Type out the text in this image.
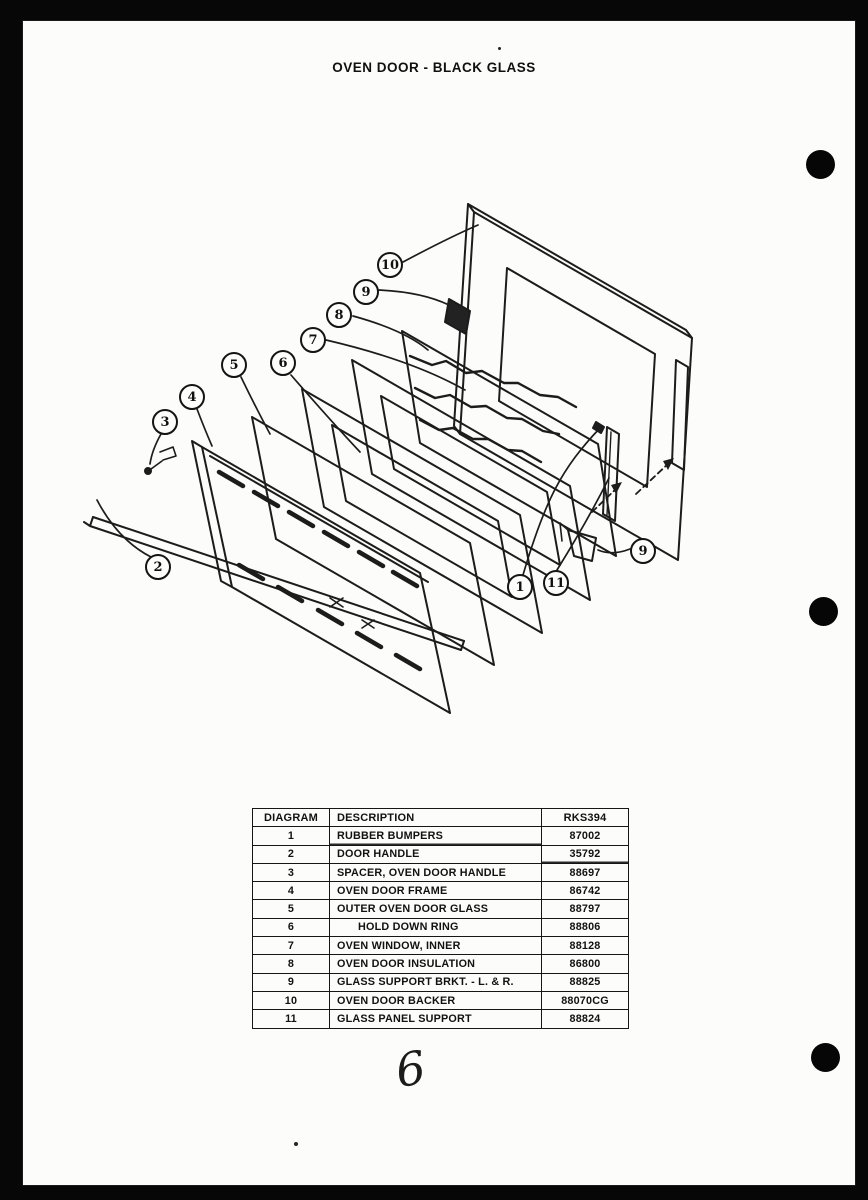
OVEN DOOR - BLACK GLASS
1
2
3
4
5	6
7
8
9
10
11
9
DIAGRAM	DESCRIPTION	RKS394
1	RUBBER BUMPERS	87002
2	DOOR HANDLE	35792
3	SPACER, OVEN DOOR HANDLE	88697
4	OVEN DOOR FRAME	86742
5	OUTER OVEN DOOR GLASS	88797
6	HOLD DOWN RING	88806
7	OVEN WINDOW, INNER	88128
8	OVEN DOOR INSULATION	86800
9	GLASS SUPPORT BRKT. - L. & R.	88825
10	OVEN DOOR BACKER	88070CG
11	GLASS PANEL SUPPORT	88824
6
